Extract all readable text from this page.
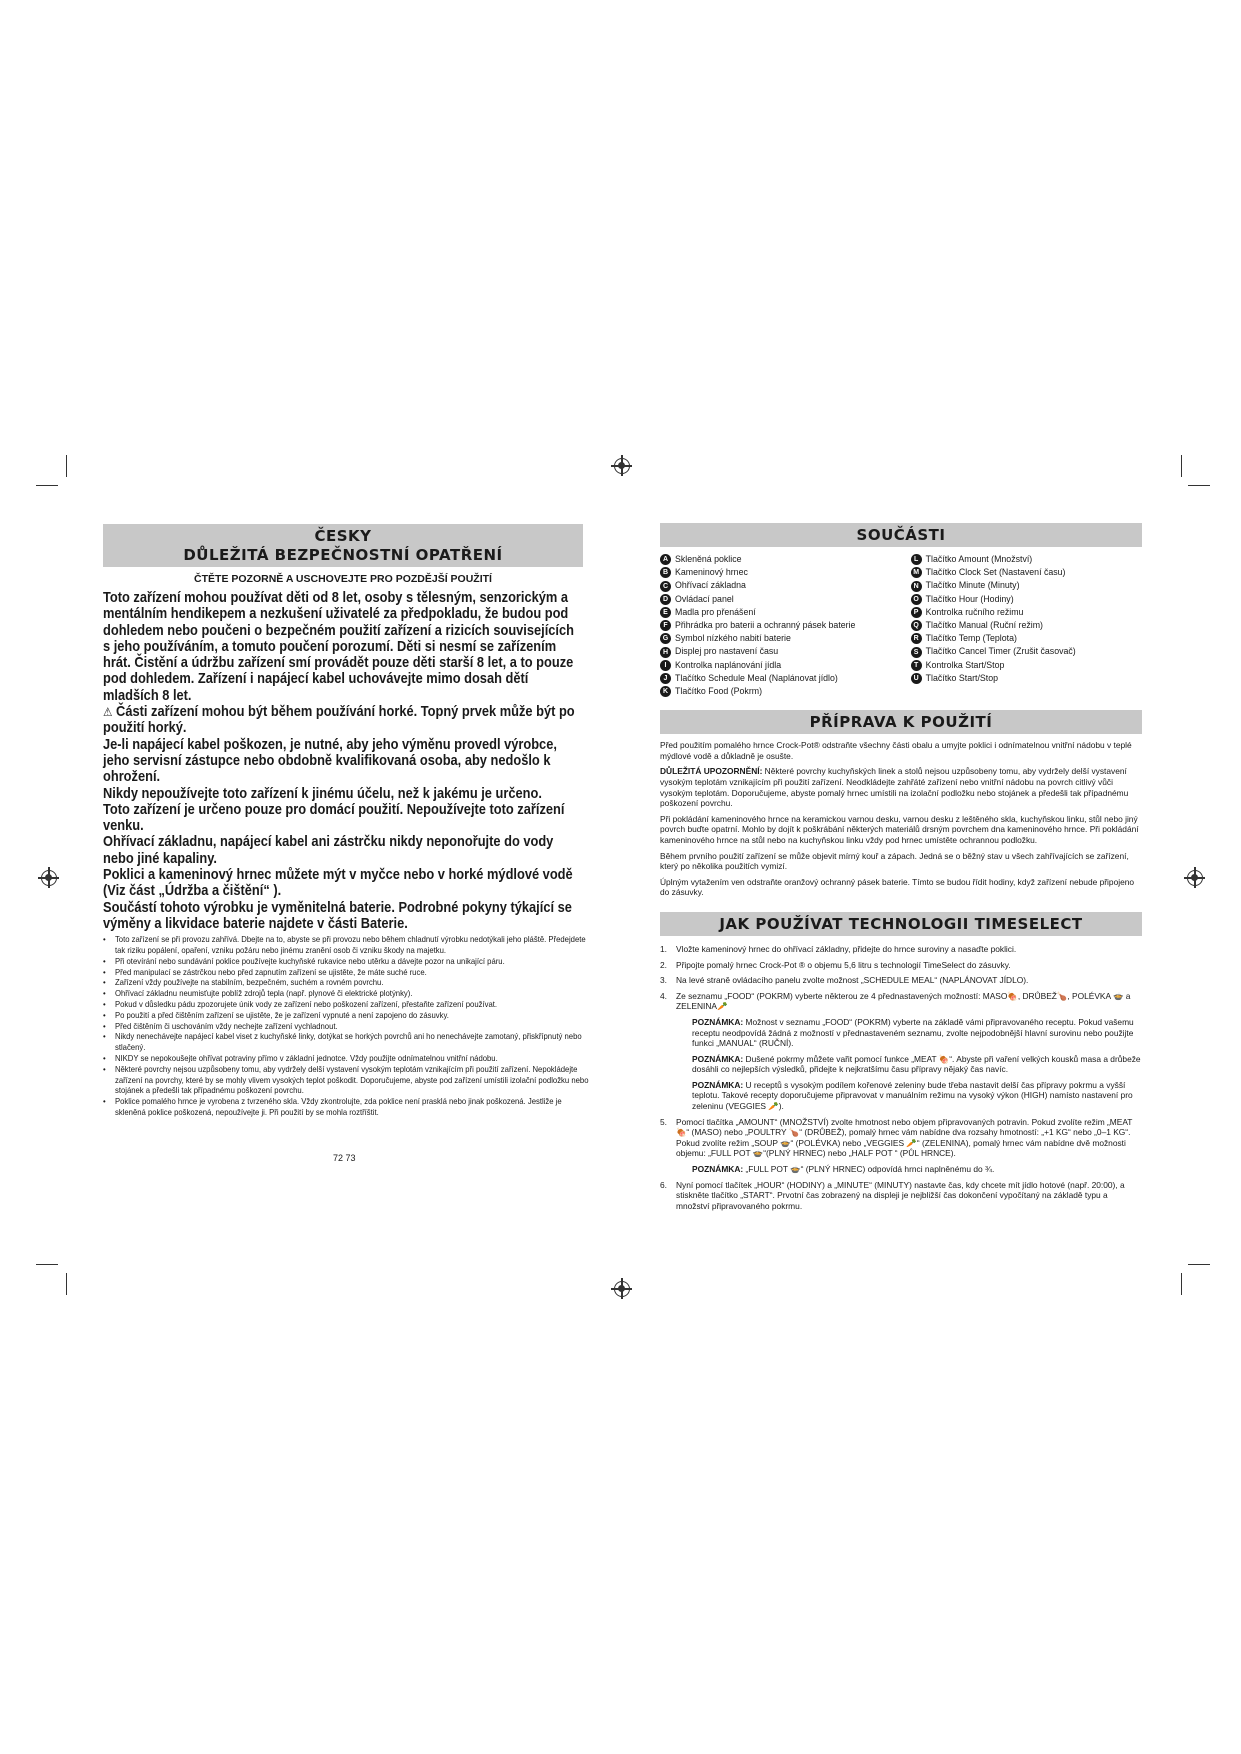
ČESKY
DŮLEŽITÁ BEZPEČNOSTNÍ OPATŘENÍ
ČTĚTE POZORNĚ A USCHOVEJTE PRO POZDĚJŠÍ POUŽITÍ

Toto zařízení mohou používat děti od 8 let, osoby s tělesným, senzorickým a mentálním hendikepem a nezkušení uživatelé za předpokladu, že budou pod dohledem nebo poučeni o bezpečném použití zařízení a rizicích souvisejících s jeho používáním, a tomuto poučení porozumí. Děti si nesmí se zařízením hrát. Čistění a údržbu zařízení smí provádět pouze děti starší 8 let, a to pouze pod dohledem. Zařízení i napájecí kabel uchovávejte mimo dosah dětí mladších 8 let.

⚠ Části zařízení mohou být během používání horké. Topný prvek může být po použití horký.

Je-li napájecí kabel poškozen, je nutné, aby jeho výměnu provedl výrobce, jeho servisní zástupce nebo obdobně kvalifikovaná osoba, aby nedošlo k ohrožení.

Nikdy nepoužívejte toto zařízení k jinému účelu, než k jakému je určeno.

Toto zařízení je určeno pouze pro domácí použití. Nepoužívejte toto zařízení venku.

Ohřívací základnu, napájecí kabel ani zástrčku nikdy neponořujte do vody nebo jiné kapaliny.

Poklici a kameninový hrnec můžete mýt v myčce nebo v horké mýdlové vodě (Viz část „Údržba a čištění“ ).

Součástí tohoto výrobku je vyměnitelná baterie. Podrobné pokyny týkající se výměny a likvidace baterie najdete v části Baterie.

• Toto zařízení se při provozu zahřívá. Dbejte na to, abyste se při provozu nebo během chladnutí výrobku nedotýkali jeho pláště. Předejdete tak riziku popálení, opaření, vzniku požáru nebo jinému zranění osob či vzniku škody na majetku.
• Při otevírání nebo sundávání poklice používejte kuchyňské rukavice nebo utěrku a dávejte pozor na unikající páru.
• Před manipulací se zástrčkou nebo před zapnutím zařízení se ujistěte, že máte suché ruce.
• Zařízení vždy používejte na stabilním, bezpečném, suchém a rovném povrchu.
• Ohřívací základnu neumisťujte poblíž zdrojů tepla (např. plynové či elektrické plotýnky).
• Pokud v důsledku pádu zpozorujete únik vody ze zařízení nebo poškození zařízení, přestaňte zařízení používat.
• Po použití a před čištěním zařízení se ujistěte, že je zařízení vypnuté a není zapojeno do zásuvky.
• Před čištěním či uschováním vždy nechejte zařízení vychladnout.
• Nikdy nenechávejte napájecí kabel viset z kuchyňské linky, dotýkat se horkých povrchů ani ho nenechávejte zamotaný, přiskřípnutý nebo stlačený.
• NIKDY se nepokoušejte ohřívat potraviny přímo v základní jednotce. Vždy použijte odnímatelnou vnitřní nádobu.
• Některé povrchy nejsou uzpůsobeny tomu, aby vydržely delší vystavení vysokým teplotám vznikajícím při použití zařízení. Nepokládejte zařízení na povrchy, které by se mohly vlivem vysokých teplot poškodit. Doporučujeme, abyste pod zařízení umístili izolační podložku nebo stojánek a předešli tak případnému poškození povrchu.
• Poklice pomalého hrnce je vyrobena z tvrzeného skla. Vždy zkontrolujte, zda poklice není prasklá nebo jinak poškozená. Jestliže je skleněná poklice poškozená, nepoužívejte ji. Při použití by se mohla roztříštit.
72 73
SOUČÁSTI
A Skleněná poklice
B Kameninový hrnec
C Ohřívací základna
D Ovládací panel
E Madla pro přenášení
F Přihrádka pro baterii a ochranný pásek baterie
G Symbol nízkého nabití baterie
H Displej pro nastavení času
I Kontrolka naplánování jídla
J Tlačítko Schedule Meal (Naplánovat jídlo)
K Tlačítko Food (Pokrm)
L Tlačítko Amount (Množství)
M Tlačítko Clock Set (Nastavení času)
N Tlačítko Minute (Minuty)
O Tlačítko Hour (Hodiny)
P Kontrolka ručního režimu
Q Tlačítko Manual (Ruční režim)
R Tlačítko Temp (Teplota)
S Tlačítko Cancel Timer (Zrušit časovač)
T Kontrolka Start/Stop
U Tlačítko Start/Stop
PŘÍPRAVA K POUŽITÍ

Před použitím pomalého hrnce Crock-Pot® odstraňte všechny části obalu a umyjte poklici i odnímatelnou vnitřní nádobu v teplé mýdlové vodě a důkladně je osušte.

DŮLEŽITÁ UPOZORNĚNÍ: Některé povrchy kuchyňských linek a stolů nejsou uzpůsobeny tomu, aby vydržely delší vystavení vysokým teplotám vznikajícím při použití zařízení. Neodkládejte zahřáté zařízení nebo vnitřní nádobu na povrch citlivý vůči vysokým teplotám. Doporučujeme, abyste pomalý hrnec umístili na izolační podložku nebo stojánek a předešli tak případnému poškození povrchu.

Při pokládání kameninového hrnce na keramickou varnou desku, varnou desku z leštěného skla, kuchyňskou linku, stůl nebo jiný povrch buďte opatrní. Mohlo by dojít k poškrábání některých materiálů drsným povrchem dna kameninového hrnce. Při pokládání kameninového hrnce na stůl nebo na kuchyňskou linku vždy pod hrnec umístěte ochrannou podložku.

Během prvního použití zařízení se může objevit mírný kouř a zápach. Jedná se o běžný stav u všech zahřívajících se zařízení, který po několika použitích vymizí.

Úplným vytažením ven odstraňte oranžový ochranný pásek baterie. Tímto se budou řídit hodiny, když zařízení nebude připojeno do zásuvky.

JAK POUŽÍVAT TECHNOLOGII TIMESELECT
1. Vložte kameninový hrnec do ohřívací základny, přidejte do hrnce suroviny a nasaďte poklici.
2. Připojte pomalý hrnec Crock-Pot ® o objemu 5,6 litru s technologií TimeSelect do zásuvky.
3. Na levé straně ovládacího panelu zvolte možnost „SCHEDULE MEAL“ (NAPLÁNOVAT JÍDLO).
4. Ze seznamu „FOOD“ (POKRM) vyberte některou ze 4 přednastavených možností: MASO🍖, DRŮBEŽ🍗, POLÉVKA 🍲 a ZELENINA🥕
POZNÁMKA: Možnost v seznamu „FOOD“ (POKRM) vyberte na základě vámi připravovaného receptu. Pokud vašemu receptu neodpovídá žádná z možností v přednastaveném seznamu, zvolte nejpodobnější hlavní surovinu nebo použijte funkci „MANUAL“ (RUČNÍ).
POZNÁMKA: Dušené pokrmy můžete vařit pomocí funkce „MEAT 🍖“. Abyste při vaření velkých kousků masa a drůbeže dosáhli co nejlepších výsledků, přidejte k nejkratšímu času přípravy nějaký čas navíc.
POZNÁMKA: U receptů s vysokým podílem kořenové zeleniny bude třeba nastavit delší čas přípravy pokrmu a vyšší teplotu. Takové recepty doporučujeme připravovat v manuálním režimu na vysoký výkon (HIGH) namísto nastavení pro zeleninu (VEGGIES 🥕).
5. Pomocí tlačítka „AMOUNT“ (MNOŽSTVÍ) zvolte hmotnost nebo objem připravovaných potravin. Pokud zvolíte režim „MEAT 🍖“ (MASO) nebo „POULTRY 🍗“ (DRŮBEŽ), pomalý hrnec vám nabídne dva rozsahy hmotností: „+1 KG“ nebo „0–1 KG“. Pokud zvolíte režim „SOUP 🍲“ (POLÉVKA) nebo „VEGGIES 🥕“ (ZELENINA), pomalý hrnec vám nabídne dvě možnosti objemu: „FULL POT 🍲“(PLNÝ HRNEC) nebo „HALF POT “ (PŮL HRNCE).
POZNÁMKA: „FULL POT 🍲“ (PLNÝ HRNEC) odpovídá hrnci naplněnému do ¾.
6. Nyní pomocí tlačítek „HOUR“ (HODINY) a „MINUTE“ (MINUTY) nastavte čas, kdy chcete mít jídlo hotové (např. 20:00), a stiskněte tlačítko „START“. Prvotní čas zobrazený na displeji je nejbližší čas dokončení vypočítaný na základě typu a množství připravovaného pokrmu.
